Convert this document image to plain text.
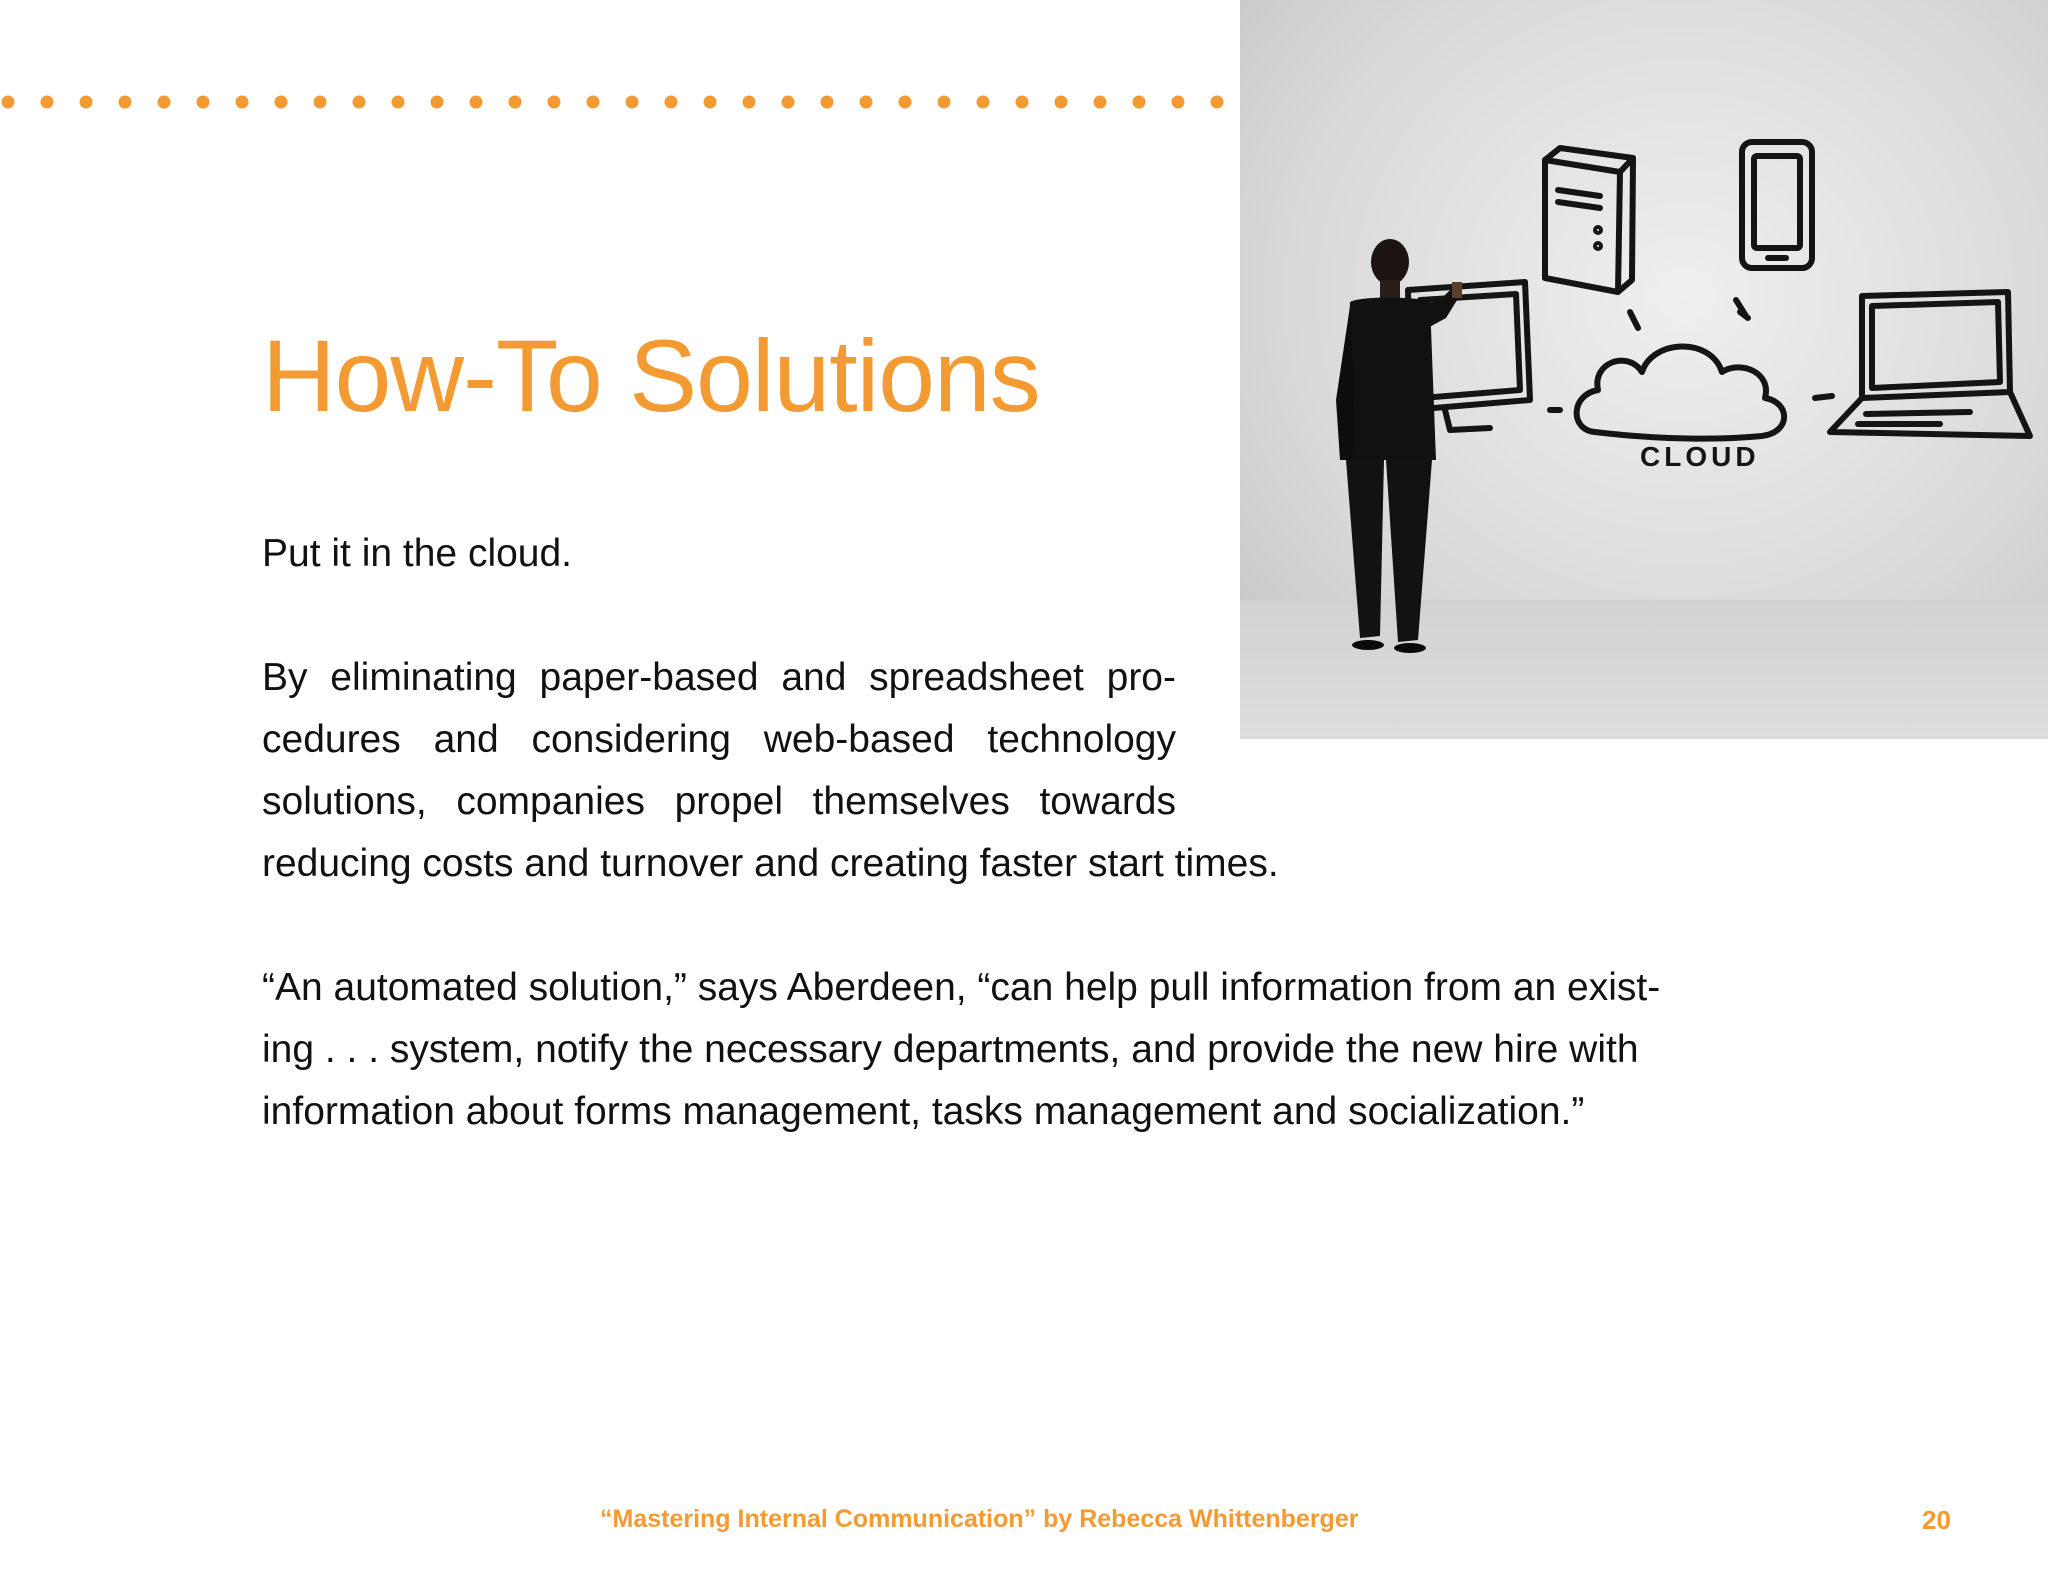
CLOUD
How-To Solutions

Put it in the cloud.

By eliminating paper-based and spreadsheet pro-
cedures and considering web-based technology
solutions, companies propel themselves towards
reducing costs and turnover and creating faster start times.

“An automated solution,” says Aberdeen, “can help pull information from an exist-
ing . . . system, notify the necessary departments, and provide the new hire with
information about forms management, tasks management and socialization.”

“Mastering Internal Communication” by Rebecca Whittenberger	20
